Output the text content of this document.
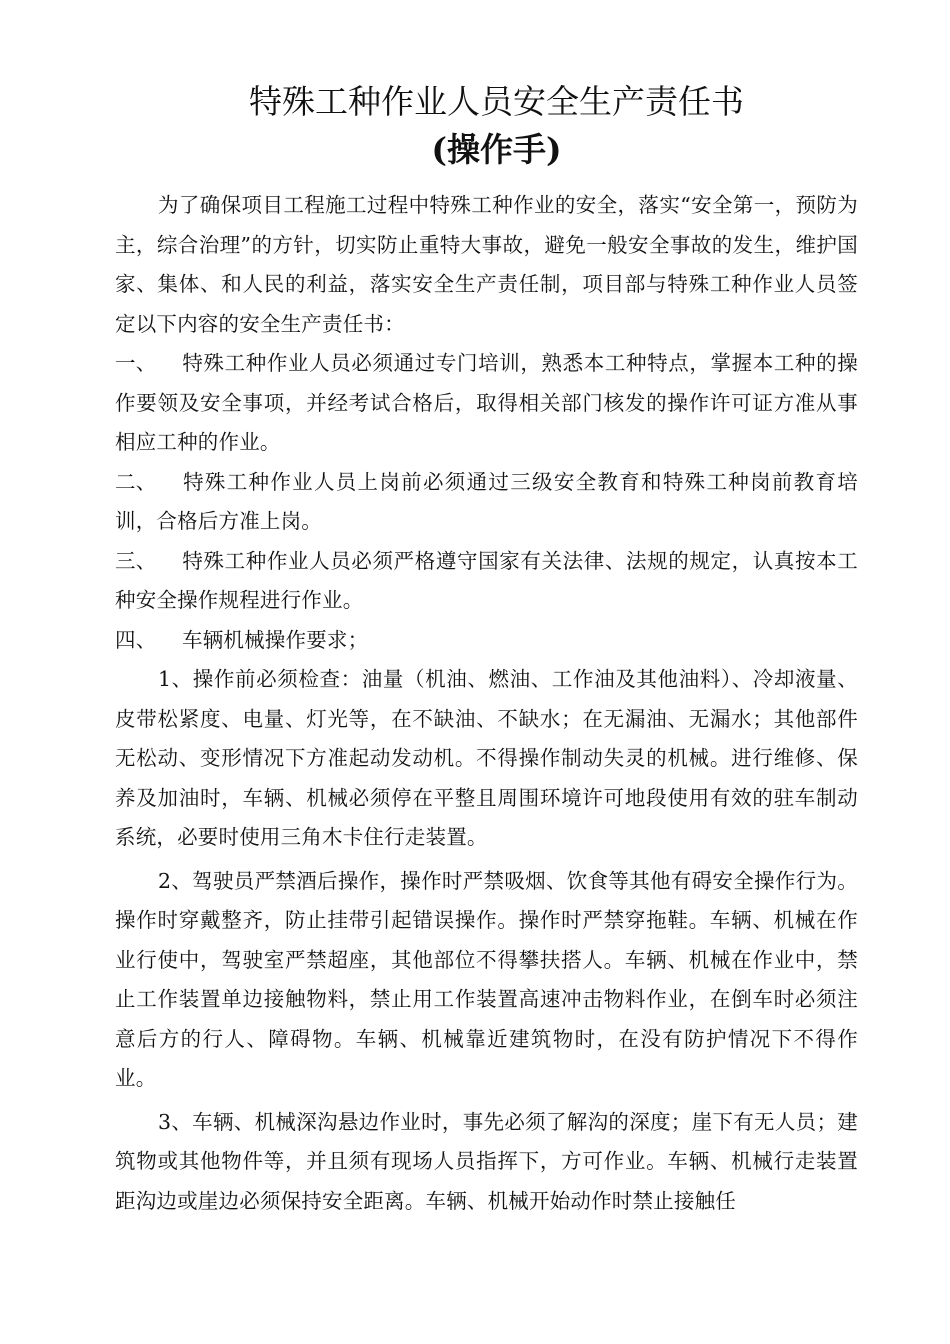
特殊工种作业人员安全生产责任书
(操作手)

为了确保项目工程施工过程中特殊工种作业的安全，落实“安全第一，预防为主，综合治理”的方针，切实防止重特大事故，避免一般安全事故的发生，维护国家、集体、和人民的利益，落实安全生产责任制，项目部与特殊工种作业人员签定以下内容的安全生产责任书：

一、 特殊工种作业人员必须通过专门培训，熟悉本工种特点，掌握本工种的操作要领及安全事项，并经考试合格后，取得相关部门核发的操作许可证方准从事相应工种的作业。

二、 特殊工种作业人员上岗前必须通过三级安全教育和特殊工种岗前教育培训，合格后方准上岗。

三、 特殊工种作业人员必须严格遵守国家有关法律、法规的规定，认真按本工种安全操作规程进行作业。

四、 车辆机械操作要求；

1、操作前必须检查：油量（机油、燃油、工作油及其他油料）、冷却液量、皮带松紧度、电量、灯光等，在不缺油、不缺水；在无漏油、无漏水；其他部件无松动、变形情况下方准起动发动机。不得操作制动失灵的机械。进行维修、保养及加油时，车辆、机械必须停在平整且周围环境许可地段使用有效的驻车制动系统，必要时使用三角木卡住行走装置。

2、驾驶员严禁酒后操作，操作时严禁吸烟、饮食等其他有碍安全操作行为。操作时穿戴整齐，防止挂带引起错误操作。操作时严禁穿拖鞋。车辆、机械在作业行使中，驾驶室严禁超座，其他部位不得攀扶搭人。车辆、机械在作业中，禁止工作装置单边接触物料，禁止用工作装置高速冲击物料作业，在倒车时必须注意后方的行人、障碍物。车辆、机械靠近建筑物时，在没有防护情况下不得作业。

3、车辆、机械深沟悬边作业时，事先必须了解沟的深度；崖下有无人员；建筑物或其他物件等，并且须有现场人员指挥下，方可作业。车辆、机械行走装置距沟边或崖边必须保持安全距离。车辆、机械开始动作时禁止接触任
